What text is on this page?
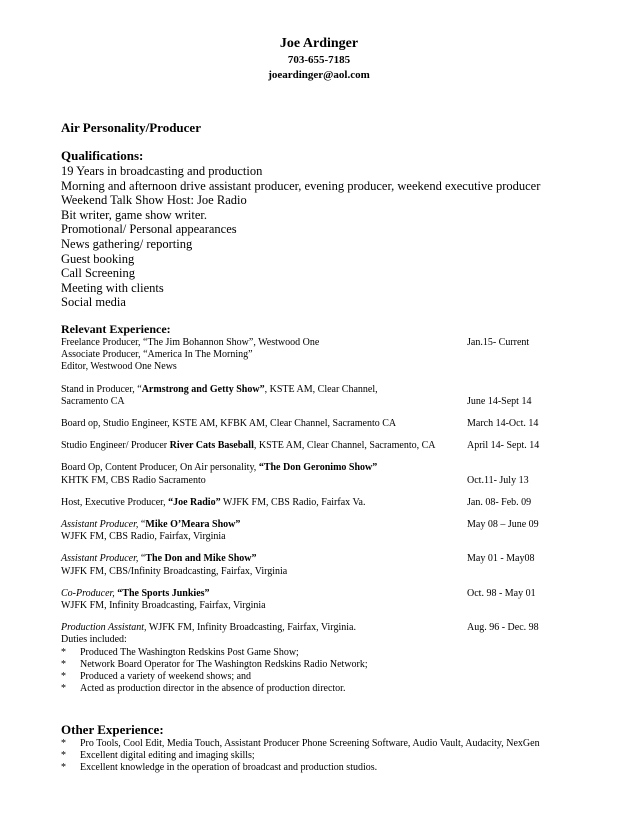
Joe Ardinger
703-655-7185
joeardinger@aol.com
Air Personality/Producer
Qualifications:
19 Years in broadcasting and production
Morning and afternoon drive assistant producer, evening producer, weekend executive producer
Weekend Talk Show Host: Joe Radio
Bit writer, game show writer.
Promotional/ Personal appearances
News gathering/ reporting
Guest booking
Call Screening
Meeting with clients
Social media
Relevant Experience:
Freelance Producer, “The Jim Bohannon Show”, Westwood One	Jan.15- Current
Associate Producer, “America In The Morning”
Editor, Westwood One News
Stand in Producer, “Armstrong and Getty Show”, KSTE AM, Clear Channel,
Sacramento CA	June 14-Sept 14
Board op, Studio Engineer, KSTE AM, KFBK AM, Clear Channel, Sacramento CA	March 14-Oct. 14
Studio Engineer/ Producer River Cats Baseball, KSTE AM, Clear Channel, Sacramento, CA	April 14- Sept. 14
Board Op, Content Producer, On Air personality, “The Don Geronimo Show”
KHTK FM, CBS Radio Sacramento	Oct.11- July 13
Host, Executive Producer, “Joe Radio” WJFK FM, CBS Radio, Fairfax Va.	Jan. 08- Feb. 09
Assistant Producer, “Mike O’Meara Show”	May 08 – June 09
WJFK FM, CBS Radio, Fairfax, Virginia
Assistant Producer, “The Don and Mike Show”	May 01 - May08
WJFK FM, CBS/Infinity Broadcasting, Fairfax, Virginia
Co-Producer, “The Sports Junkies”	Oct. 98 - May 01
WJFK FM, Infinity Broadcasting, Fairfax, Virginia
Production Assistant, WJFK FM, Infinity Broadcasting, Fairfax, Virginia.	Aug. 96 - Dec. 98
Duties included:
* Produced The Washington Redskins Post Game Show;
* Network Board Operator for The Washington Redskins Radio Network;
* Produced a variety of weekend shows; and
* Acted as production director in the absence of production director.
Other Experience:
* Pro Tools, Cool Edit, Media Touch, Assistant Producer Phone Screening Software, Audio Vault, Audacity, NexGen
* Excellent digital editing and imaging skills;
* Excellent knowledge in the operation of broadcast and production studios.
